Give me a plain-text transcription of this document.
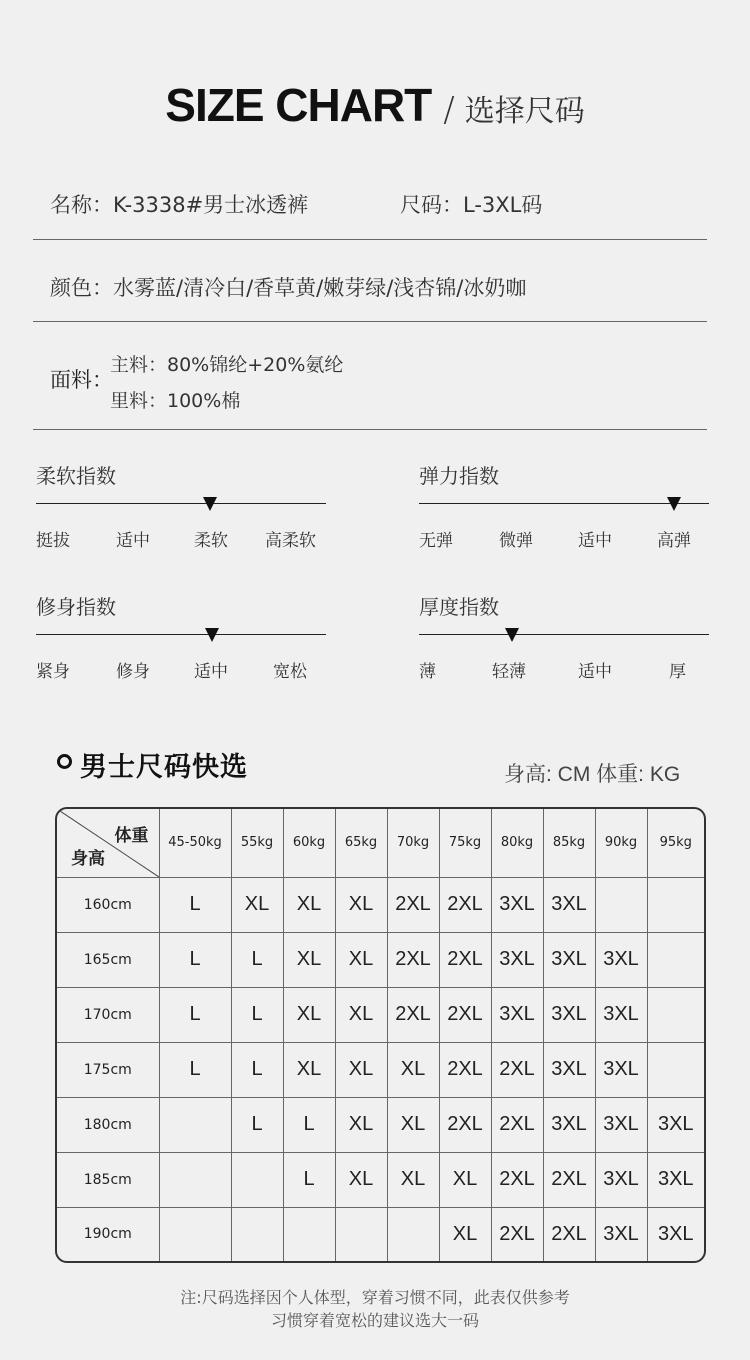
SIZE CHART / 选择尺码
名称：K-3338#男士冰透裤	尺码：L-3XL码
颜色：水雾蓝/清冷白/香草黄/嫩芽绿/浅杏锦/冰奶咖
面料：
主料：80%锦纶+20%氨纶
里料：100%棉
柔软指数
挺拔	适中	柔软 高柔软
弹力指数
无弹	微弹	适中	高弹
修身指数
紧身	修身	适中	宽松
厚度指数
薄	轻薄	适中	厚
男士尺码快选	身高: CM 体重: KG
体重
身高	45-50kg	55kg	60kg	65kg	70kg	75kg	80kg	85kg	90kg	95kg
160cm	L	XL	XL	XL	2XL	2XL	3XL	3XL		
165cm	L	L	XL	XL	2XL	2XL	3XL	3XL	3XL	
170cm	L	L	XL	XL	2XL	2XL	3XL	3XL	3XL	
175cm	L	L	XL	XL	XL	2XL	2XL	3XL	3XL	
180cm		L	L	XL	XL	2XL	2XL	3XL	3XL	3XL
185cm			L	XL	XL	XL	2XL	2XL	3XL	3XL
190cm						XL	2XL	2XL	3XL	3XL
注:尺码选择因个人体型，穿着习惯不同，此表仅供参考
习惯穿着宽松的建议选大一码
